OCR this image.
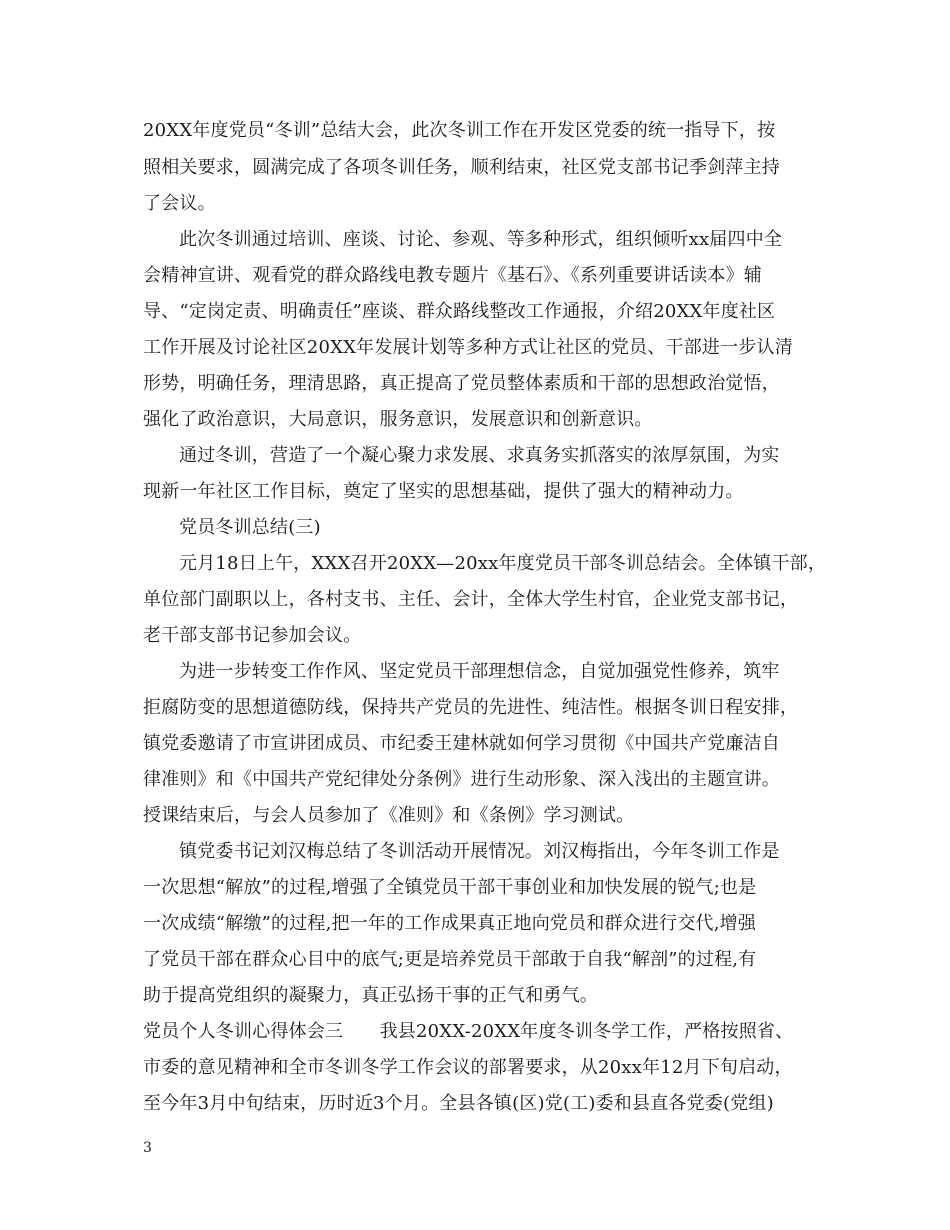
20XX年度党员“冬训”总结大会，此次冬训工作在开发区党委的统一指导下，按
照相关要求，圆满完成了各项冬训任务，顺利结束，社区党支部书记季剑萍主持
了会议。
此次冬训通过培训、座谈、讨论、参观、等多种形式，组织倾听xx届四中全
会精神宣讲、观看党的群众路线电教专题片《基石》、《系列重要讲话读本》辅
导、“定岗定责、明确责任”座谈、群众路线整改工作通报，介绍20XX年度社区
工作开展及讨论社区20XX年发展计划等多种方式让社区的党员、干部进一步认清
形势，明确任务，理清思路，真正提高了党员整体素质和干部的思想政治觉悟，
强化了政治意识，大局意识，服务意识，发展意识和创新意识。
通过冬训，营造了一个凝心聚力求发展、求真务实抓落实的浓厚氛围，为实
现新一年社区工作目标，奠定了坚实的思想基础，提供了强大的精神动力。
党员冬训总结(三)
元月18日上午，XXX召开20XX—20xx年度党员干部冬训总结会。全体镇干部，
单位部门副职以上，各村支书、主任、会计，全体大学生村官，企业党支部书记，
老干部支部书记参加会议。
为进一步转变工作作风、坚定党员干部理想信念，自觉加强党性修养，筑牢
拒腐防变的思想道德防线，保持共产党员的先进性、纯洁性。根据冬训日程安排，
镇党委邀请了市宣讲团成员、市纪委王建林就如何学习贯彻《中国共产党廉洁自
律准则》和《中国共产党纪律处分条例》进行生动形象、深入浅出的主题宣讲。
授课结束后，与会人员参加了《准则》和《条例》学习测试。
镇党委书记刘汉梅总结了冬训活动开展情况。刘汉梅指出，今年冬训工作是
一次思想“解放”的过程,增强了全镇党员干部干事创业和加快发展的锐气;也是
一次成绩“解缴”的过程,把一年的工作成果真正地向党员和群众进行交代,增强
了党员干部在群众心目中的底气;更是培养党员干部敢于自我“解剖”的过程,有
助于提高党组织的凝聚力，真正弘扬干事的正气和勇气。
党员个人冬训心得体会三　　我县20XX-20XX年度冬训冬学工作，严格按照省、
市委的意见精神和全市冬训冬学工作会议的部署要求，从20xx年12月下旬启动，
至今年3月中旬结束，历时近3个月。全县各镇(区)党(工)委和县直各党委(党组)
3
